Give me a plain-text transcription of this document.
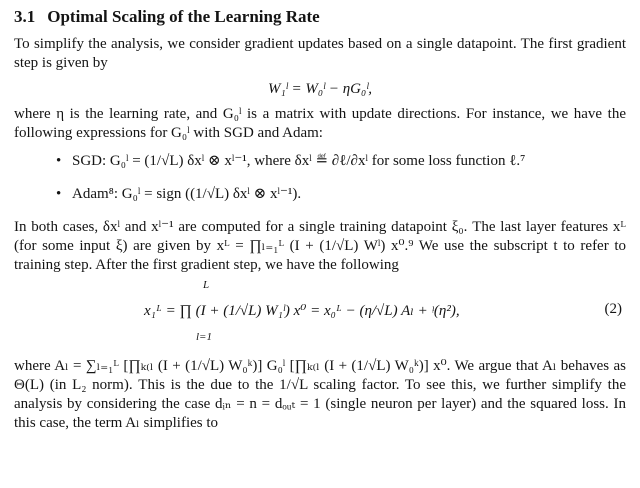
3.1 Optimal Scaling of the Learning Rate

To simplify the analysis, we consider gradient updates based on a single datapoint. The first gradient step is given by

W₁ˡ = W₀ˡ − ηG₀ˡ,

where η is the learning rate, and G₀ˡ is a matrix with update directions. For instance, we have the following expressions for G₀ˡ with SGD and Adam:

• SGD: G₀ˡ = (1/√L) δxˡ ⊗ xˡ⁻¹, where δxˡ ≝ ∂ℓ/∂xˡ for some loss function ℓ.⁷
• Adam⁸: G₀ˡ = sign ((1/√L) δxˡ ⊗ xˡ⁻¹).

In both cases, δxˡ and xˡ⁻¹ are computed for a single training datapoint ξ₀. The last layer features xᴸ (for some input ξ) are given by xᴸ = ∏ₗ₌₁ᴸ (I + (1/√L) Wˡ) x⁰.⁹ We use the subscript t to refer to training step. After the first gradient step, we have the following

L
x₁ᴸ = ∏ (I + (1/√L) W₁ˡ) x⁰ = x₀ᴸ − (η/√L) Aₗ + ᵎ(η²),
l=1
(2)

where Aₗ = ∑ₗ₌₁ᴸ [∏ₖ₍ₗ (I + (1/√L) W₀ᵏ)] G₀ˡ [∏ₖ₍ₗ (I + (1/√L) W₀ᵏ)] x⁰. We argue that Aₗ behaves as Θ(L) (in L₂ norm). This is the due to the 1/√L scaling factor. To see this, we further simplify the analysis by considering the case dᵢₙ = n = dₒᵤₜ = 1 (single neuron per layer) and the squared loss. In this case, the term Aₗ simplifies to
